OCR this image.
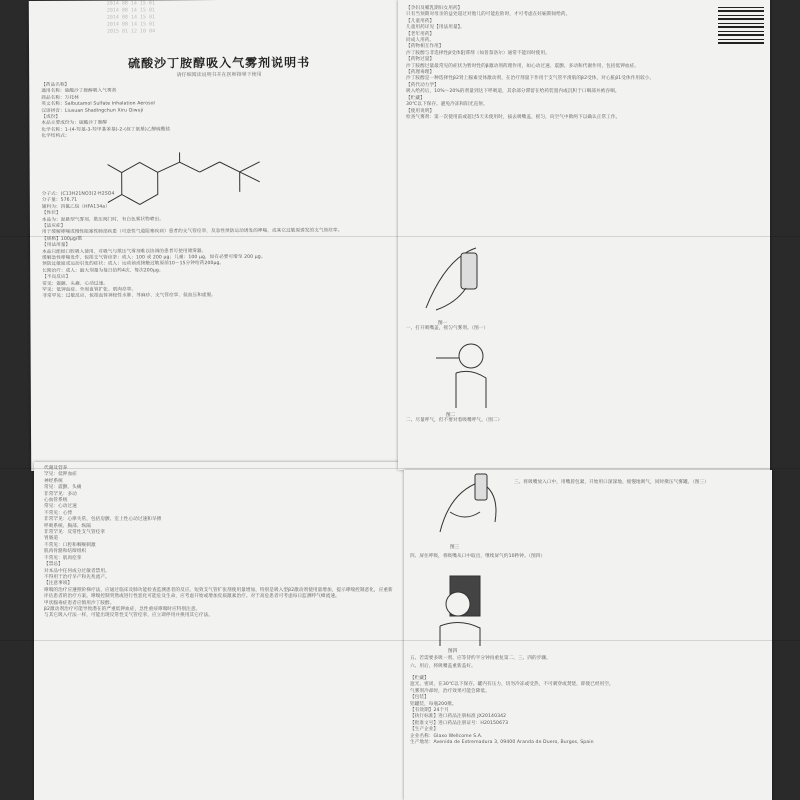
2014 08 14 15 01
2014 08 14 15 01
2014 08 14 15 01
2014 08 14 15 01
2015 01 12 10 04
硫酸沙丁胺醇吸入气雾剂说明书
请仔细阅读说明书并在医师指导下使用
【药品名称】
通用名称：硫酸沙丁胺醇吸入气雾剂
商品名称：万托林
英文名称：Salbutamol Sulfate Inhalation Aerosol
汉语拼音：Liusuan Shadingchun Xiru Qiwuji
【成份】
本品主要成份为：硫酸沙丁胺醇
化学名称：1-(4-羟基-3-羟甲基苯基)-2-(叔丁氨基)乙醇硫酸盐
化学结构式：

分子式：(C13H21NO3)2·H2SO4
分子量：576.71
辅料为：四氟乙烷（HFA134a）
【性状】
本品为：混悬型气雾剂，揿压阀门时，有白色雾状物喷出。
【适应症】
用于缓解哮喘或慢性阻塞性肺部疾患（可逆性气道阻塞疾病）患者的支气管痉挛，及急性预防运动诱发的哮喘，或其它过敏原诱发的支气管痉挛。
【规格】100μg/揿
【用法用量】
本品只能经口腔吸入使用，对吸气与揿压气雾剂难以协调的患者可使用储雾器。
缓解急性哮喘发作，包括支气管痉挛：成人：100 或 200 μg；儿童：100 μg，如有必要可增至 200 μg。
预防过敏原或运动引发的症状：成人：运动前或接触过敏原前10～15分钟给药200μg。
长期治疗：成人：最大剂量为每日给药4次，每次200μg。
【不良反应】
常见：震颤、头痛、心动过速。
罕见：低钾血症、外周血管扩张、肌肉痉挛。
非常罕见：过敏反应，包括血管神经性水肿、荨麻疹、支气管痉挛、低血压和虚脱。
代谢及营养
罕见：低钾血症
神经系统
常见：震颤、头痛
非常罕见：多动
心血管系统
常见：心动过速
不常见：心悸
非常罕见：心律失常，包括房颤、室上性心动过速和早搏
呼吸系统、胸部、纵隔
非常罕见：反常性支气管痉挛
胃肠道
不常见：口腔和咽喉刺激
肌肉骨骼和结缔组织
不常见：肌肉痉挛
【禁忌】
对本品中任何成分过敏者禁用。
不得用于治疗早产和先兆流产。
【注意事项】
哮喘的治疗应遵照阶梯疗法，应通过临床及肺功能检查监测患者的反应。短效支气管扩张剂使用量增加，特别是吸入型β2激动剂使用量增加，提示哮喘控制恶化，应重新评估患者的治疗方案。哮喘控制突然或进行性恶化可能危及生命，应考虑开始或增加皮质激素治疗。对于高危患者可考虑每日监测呼气峰流速。
甲状腺毒症患者应慎用沙丁胺醇。
β2激动剂治疗可能导致潜在的严重低钾血症，急性重症哮喘时应特别注意。
与其它吸入疗法一样，可能出现反常性支气管痉挛，应立即停用并换用其它疗法。
【孕妇及哺乳期妇女用药】
只有当预期对母亲的益处超过对胎儿的可能危险时，才可考虑在妊娠期间给药。
【儿童用药】
儿童用药详见【用法用量】。
【老年用药】
同成人用药。
【药物相互作用】
沙丁胺醇与非选择性β受体阻滞剂（如普萘洛尔）通常不能同时使用。
【药物过量】
沙丁胺醇过量最常见的症状为暂时性的β激动剂药理作用，如心动过速、震颤、多动和代谢作用，包括低钾血症。
【药理毒理】
沙丁胺醇是一种选择性β2肾上腺素受体激动剂，在治疗剂量下作用于支气管平滑肌的β2受体，对心脏β1受体作用较小。
【药代动力学】
吸入给药后，10%～20%的剂量到达下呼吸道，其余部分滞留在给药装置内或沉积于口咽部并被吞咽。
【贮藏】
30℃以下保存。避免冷冻和阳光直射。
【使用说明】
检查气雾剂：第一次使用前或超过5天未使用时，拔去吸嘴盖，摇匀，向空气中揿两下以确认正常工作。
图一
一、打开吸嘴盖，摇匀气雾剂。（图一）
图二
二、尽量呼气，但不要对着吸嘴呼气。（图二）
图三
三、将吸嘴放入口中，用嘴唇包紧，开始用口深深地、缓慢地吸气，同时揿压气雾罐。（图三）
四、屏住呼吸，将吸嘴从口中取出，继续屏气约10秒钟。（图四）
图四
五、若需要多吸一剂，应等待约半分钟再重复第二、三、四的步骤。
六、用后，将吸嘴盖重新盖好。
【贮藏】
遮光、密闭，在30℃以下保存。罐内有压力，切勿冷冻或受热，不可刺穿或焚烧，即使已经用空。
气雾剂冷却时，治疗效果可能会降低。
【包装】
铝罐装，每瓶200揿。
【有效期】24个月
【执行标准】进口药品注册标准 JX20140342
【批准文号】进口药品注册证号：H20150673
【生产企业】
企业名称：Glaxo Wellcome S.A.
生产地址：Avenida de Extremadura 3, 09400 Aranda de Duero, Burgos, Spain
